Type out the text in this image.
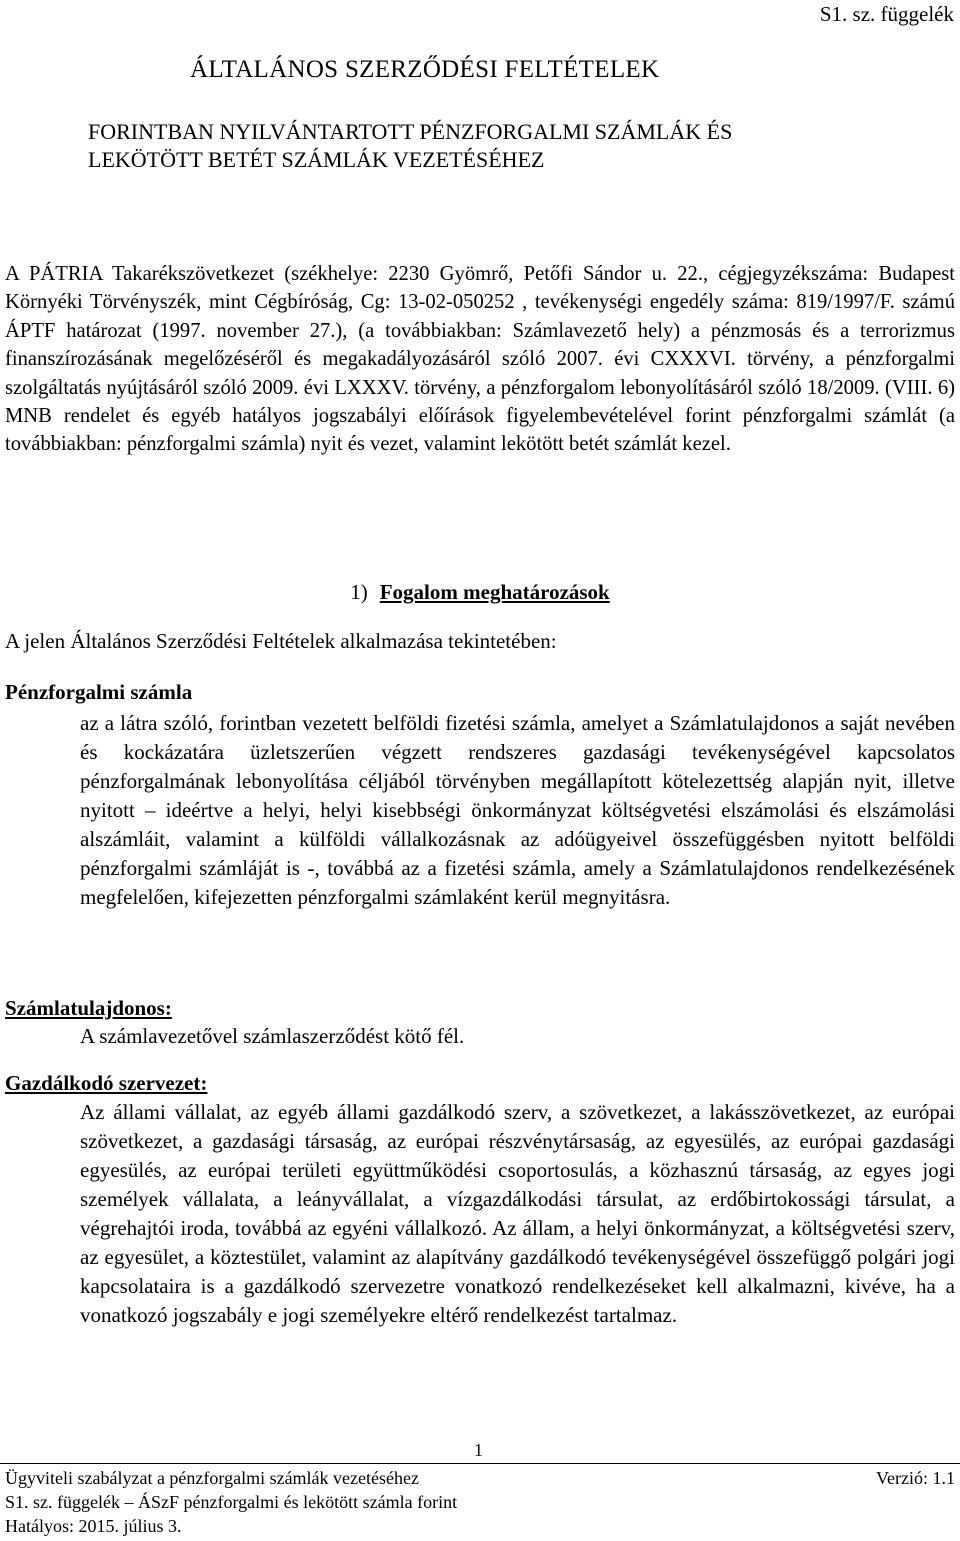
S1. sz. függelék
ÁLTALÁNOS SZERZŐDÉSI FELTÉTELEK
FORINTBAN NYILVÁNTARTOTT PÉNZFORGALMI SZÁMLÁK ÉS
LEKÖTÖTT BETÉT SZÁMLÁK VEZETÉSÉHEZ

A PÁTRIA Takarékszövetkezet (székhelye: 2230 Gyömrő, Petőfi Sándor u. 22., cégjegyzékszáma: Budapest Környéki Törvényszék, mint Cégbíróság, Cg: 13-02-050252 , tevékenységi engedély száma: 819/1997/F. számú ÁPTF határozat (1997. november 27.), (a továbbiakban: Számlavezető hely) a pénzmosás és a terrorizmus finanszírozásának megelőzéséről és megakadályozásáról szóló 2007. évi CXXXVI. törvény, a pénzforgalmi szolgáltatás nyújtásáról szóló 2009. évi LXXXV. törvény, a pénzforgalom lebonyolításáról szóló 18/2009. (VIII. 6) MNB rendelet és egyéb hatályos jogszabályi előírások figyelembevételével forint pénzforgalmi számlát (a továbbiakban: pénzforgalmi számla) nyit és vezet, valamint lekötött betét számlát kezel.

1) Fogalom meghatározások
A jelen Általános Szerződési Feltételek alkalmazása tekintetében:
Pénzforgalmi számla

az a látra szóló, forintban vezetett belföldi fizetési számla, amelyet a Számlatulajdonos a saját nevében és kockázatára üzletszerűen végzett rendszeres gazdasági tevékenységével kapcsolatos pénzforgalmának lebonyolítása céljából törvényben megállapított kötelezettség alapján nyit, illetve nyitott – ideértve a helyi, helyi kisebbségi önkormányzat költségvetési elszámolási és elszámolási alszámláit, valamint a külföldi vállalkozásnak az adóügyeivel összefüggésben nyitott belföldi pénzforgalmi számláját is -, továbbá az a fizetési számla, amely a Számlatulajdonos rendelkezésének megfelelően, kifejezetten pénzforgalmi számlaként kerül megnyitásra.

Számlatulajdonos:

A számlavezetővel számlaszerződést kötő fél.

Gazdálkodó szervezet:

Az állami vállalat, az egyéb állami gazdálkodó szerv, a szövetkezet, a lakásszövetkezet, az európai szövetkezet, a gazdasági társaság, az európai részvénytársaság, az egyesülés, az európai gazdasági egyesülés, az európai területi együttműködési csoportosulás, a közhasznú társaság, az egyes jogi személyek vállalata, a leányvállalat, a vízgazdálkodási társulat, az erdőbirtokossági társulat, a végrehajtói iroda, továbbá az egyéni vállalkozó. Az állam, a helyi önkormányzat, a költségvetési szerv, az egyesület, a köztestület, valamint az alapítvány gazdálkodó tevékenységével összefüggő polgári jogi kapcsolataira is a gazdálkodó szervezetre vonatkozó rendelkezéseket kell alkalmazni, kivéve, ha a vonatkozó jogszabály e jogi személyekre eltérő rendelkezést tartalmaz.

1
Ügyviteli szabályzat a pénzforgalmi számlák vezetéséhez	Verzió: 1.1
S1. sz. függelék – ÁSzF pénzforgalmi és lekötött számla forint
Hatályos: 2015. július 3.
